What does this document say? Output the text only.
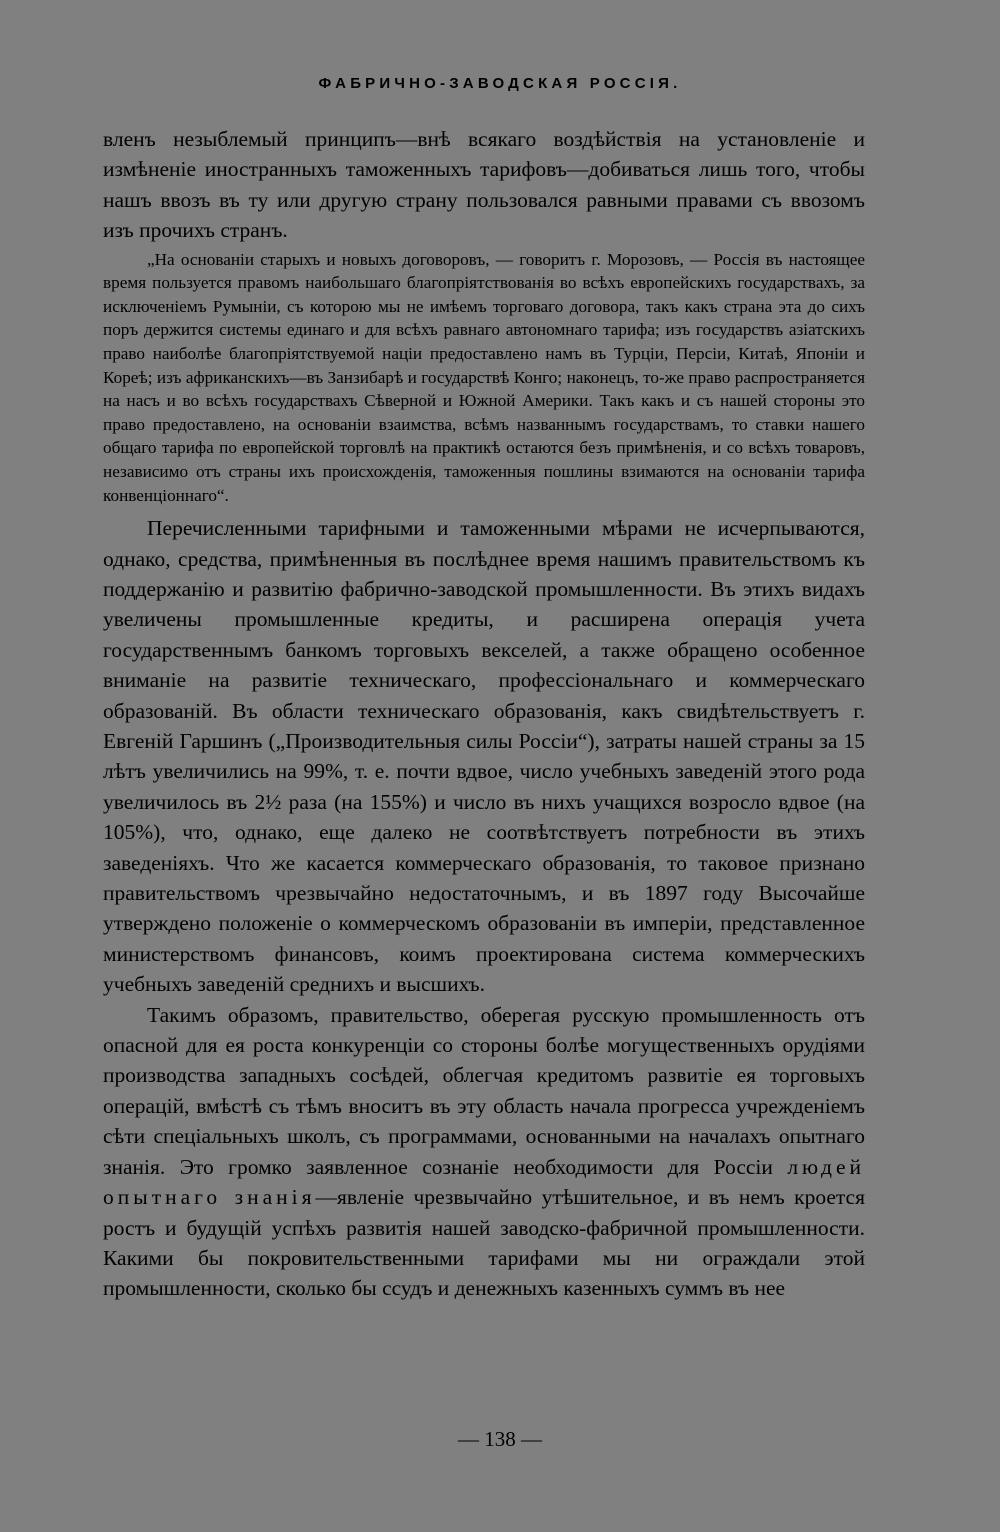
ФАБРИЧНО-ЗАВОДСКАЯ РОССІЯ.

вленъ незыблемый принципъ—внѣ всякаго воздѣйствія на установленіе и измѣненіе иностранныхъ таможенныхъ тарифовъ—добиваться лишь того, чтобы нашъ ввозъ въ ту или другую страну пользовался равными правами съ ввозомъ изъ прочихъ странъ.

„На основаніи старыхъ и новыхъ договоровъ, — говоритъ г. Морозовъ, — Россія въ настоящее время пользуется правомъ наибольшаго благопріятствованія во всѣхъ европейскихъ государствахъ, за исключеніемъ Румыніи, съ которою мы не имѣемъ торговаго договора, такъ какъ страна эта до сихъ поръ держится системы единаго и для всѣхъ равнаго автономнаго тарифа; изъ государствъ азіатскихъ право наиболѣе благопріятствуемой націи предоставлено намъ въ Турціи, Персіи, Китаѣ, Японіи и Кореѣ; изъ африканскихъ—въ Занзибарѣ и государствѣ Конго; наконецъ, то-же право распространяется на насъ и во всѣхъ государствахъ Сѣверной и Южной Америки. Такъ какъ и съ нашей стороны это право предоставлено, на основаніи взаимства, всѣмъ названнымъ государствамъ, то ставки нашего общаго тарифа по европейской торговлѣ на практикѣ остаются безъ примѣненія, и со всѣхъ товаровъ, независимо отъ страны ихъ происхожденія, таможенныя пошлины взимаются на основаніи тарифа конвенціоннаго“.

Перечисленными тарифными и таможенными мѣрами не исчерпываются, однако, средства, примѣненныя въ послѣднее время нашимъ правительствомъ къ поддержанію и развитію фабрично-заводской промышленности. Въ этихъ видахъ увеличены промышленные кредиты, и расширена операція учета государственнымъ банкомъ торговыхъ векселей, а также обращено особенное вниманіе на развитіе техническаго, профессіональнаго и коммерческаго образованій. Въ области техническаго образованія, какъ свидѣтельствуетъ г. Евгеній Гаршинъ („Производительныя силы Россіи“), затраты нашей страны за 15 лѣтъ увеличились на 99%, т. е. почти вдвое, число учебныхъ заведеній этого рода увеличилось въ 2½ раза (на 155%) и число въ нихъ учащихся возросло вдвое (на 105%), что, однако, еще далеко не соотвѣтствуетъ потребности въ этихъ заведеніяхъ. Что же касается коммерческаго образованія, то таковое признано правительствомъ чрезвычайно недостаточнымъ, и въ 1897 году Высочайше утверждено положеніе о коммерческомъ образованіи въ имперіи, представленное министерствомъ финансовъ, коимъ проектирована система коммерческихъ учебныхъ заведеній среднихъ и высшихъ.

Такимъ образомъ, правительство, оберегая русскую промышленность отъ опасной для ея роста конкуренціи со стороны болѣе могущественныхъ орудіями производства западныхъ сосѣдей, облегчая кредитомъ развитіе ея торговыхъ операцій, вмѣстѣ съ тѣмъ вноситъ въ эту область начала прогресса учрежденіемъ сѣти спеціальныхъ школъ, съ программами, основанными на началахъ опытнаго знанія. Это громко заявленное сознаніе необходимости для Россіи людей опытнаго знанія—явленіе чрезвычайно утѣшительное, и въ немъ кроется ростъ и будущій успѣхъ развитія нашей заводско-фабричной промышленности. Какими бы покровительственными тарифами мы ни ограждали этой промышленности, сколько бы ссудъ и денежныхъ казенныхъ суммъ въ нее

— 138 —
